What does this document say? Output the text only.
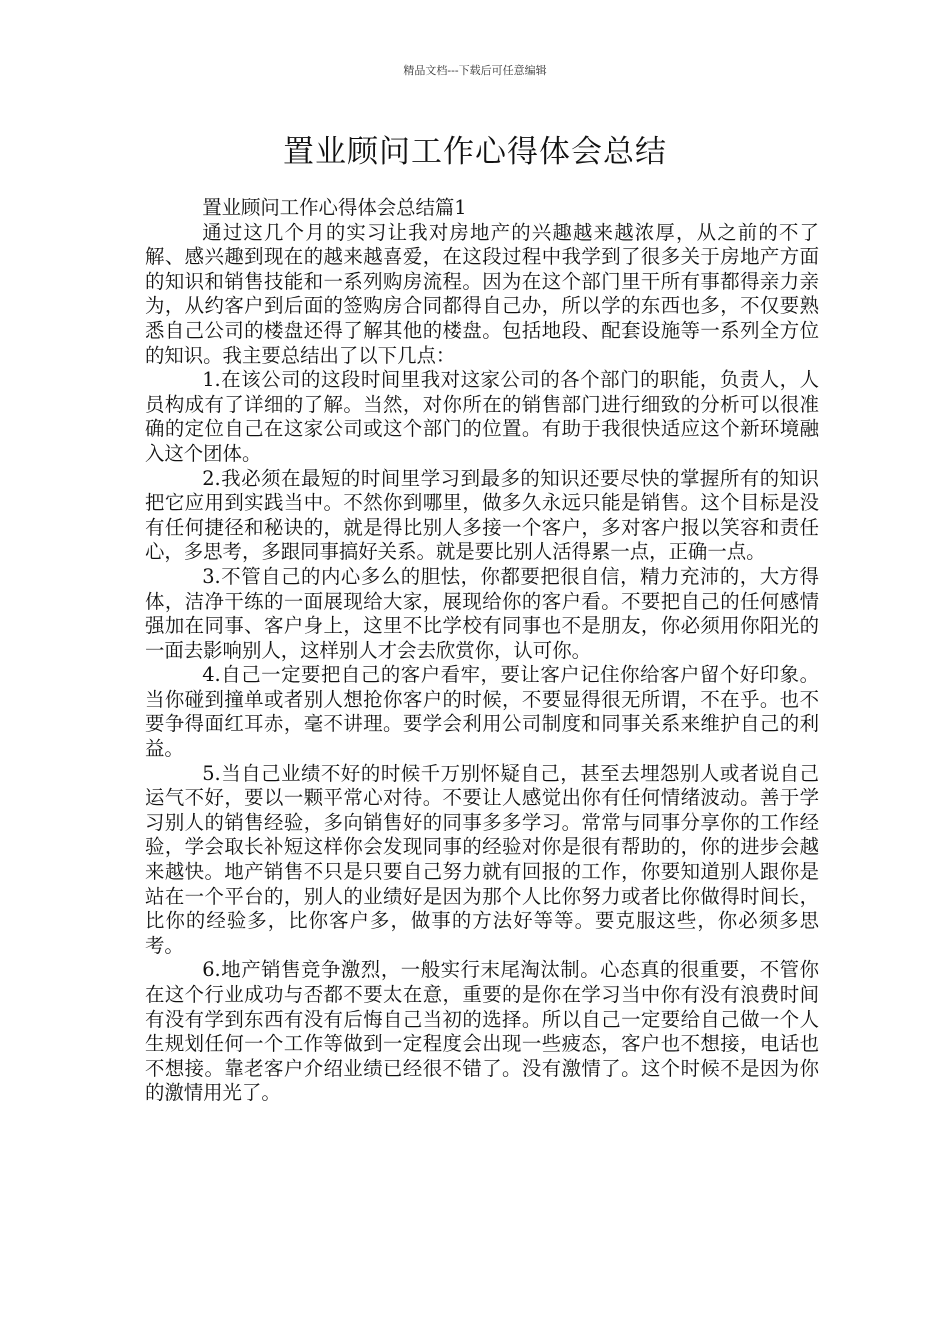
精品文档---下载后可任意编辑
置业顾问工作心得体会总结

置业顾问工作心得体会总结篇1

通过这几个月的实习让我对房地产的兴趣越来越浓厚，从之前的不了解、感兴趣到现在的越来越喜爱，在这段过程中我学到了很多关于房地产方面的知识和销售技能和一系列购房流程。因为在这个部门里干所有事都得亲力亲为，从约客户到后面的签购房合同都得自己办，所以学的东西也多，不仅要熟悉自己公司的楼盘还得了解其他的楼盘。包括地段、配套设施等一系列全方位的知识。我主要总结出了以下几点：

1.在该公司的这段时间里我对这家公司的各个部门的职能，负责人，人员构成有了详细的了解。当然，对你所在的销售部门进行细致的分析可以很准确的定位自己在这家公司或这个部门的位置。有助于我很快适应这个新环境融入这个团体。

2.我必须在最短的时间里学习到最多的知识还要尽快的掌握所有的知识把它应用到实践当中。不然你到哪里，做多久永远只能是销售。这个目标是没有任何捷径和秘诀的，就是得比别人多接一个客户，多对客户报以笑容和责任心，多思考，多跟同事搞好关系。就是要比别人活得累一点，正确一点。

3.不管自己的内心多么的胆怯，你都要把很自信，精力充沛的，大方得体，洁净干练的一面展现给大家，展现给你的客户看。不要把自己的任何感情强加在同事、客户身上，这里不比学校有同事也不是朋友，你必须用你阳光的一面去影响别人，这样别人才会去欣赏你，认可你。

4.自己一定要把自己的客户看牢，要让客户记住你给客户留个好印象。当你碰到撞单或者别人想抢你客户的时候，不要显得很无所谓，不在乎。也不要争得面红耳赤，毫不讲理。要学会利用公司制度和同事关系来维护自己的利益。

5.当自己业绩不好的时候千万别怀疑自己，甚至去埋怨别人或者说自己运气不好，要以一颗平常心对待。不要让人感觉出你有任何情绪波动。善于学习别人的销售经验，多向销售好的同事多多学习。常常与同事分享你的工作经验，学会取长补短这样你会发现同事的经验对你是很有帮助的，你的进步会越来越快。地产销售不只是只要自己努力就有回报的工作，你要知道别人跟你是站在一个平台的，别人的业绩好是因为那个人比你努力或者比你做得时间长，比你的经验多，比你客户多，做事的方法好等等。要克服这些，你必须多思考。

6.地产销售竞争激烈，一般实行末尾淘汰制。心态真的很重要，不管你在这个行业成功与否都不要太在意，重要的是你在学习当中你有没有浪费时间有没有学到东西有没有后悔自己当初的选择。所以自己一定要给自己做一个人生规划任何一个工作等做到一定程度会出现一些疲态，客户也不想接，电话也不想接。靠老客户介绍业绩已经很不错了。没有激情了。这个时候不是因为你的激情用光了。
